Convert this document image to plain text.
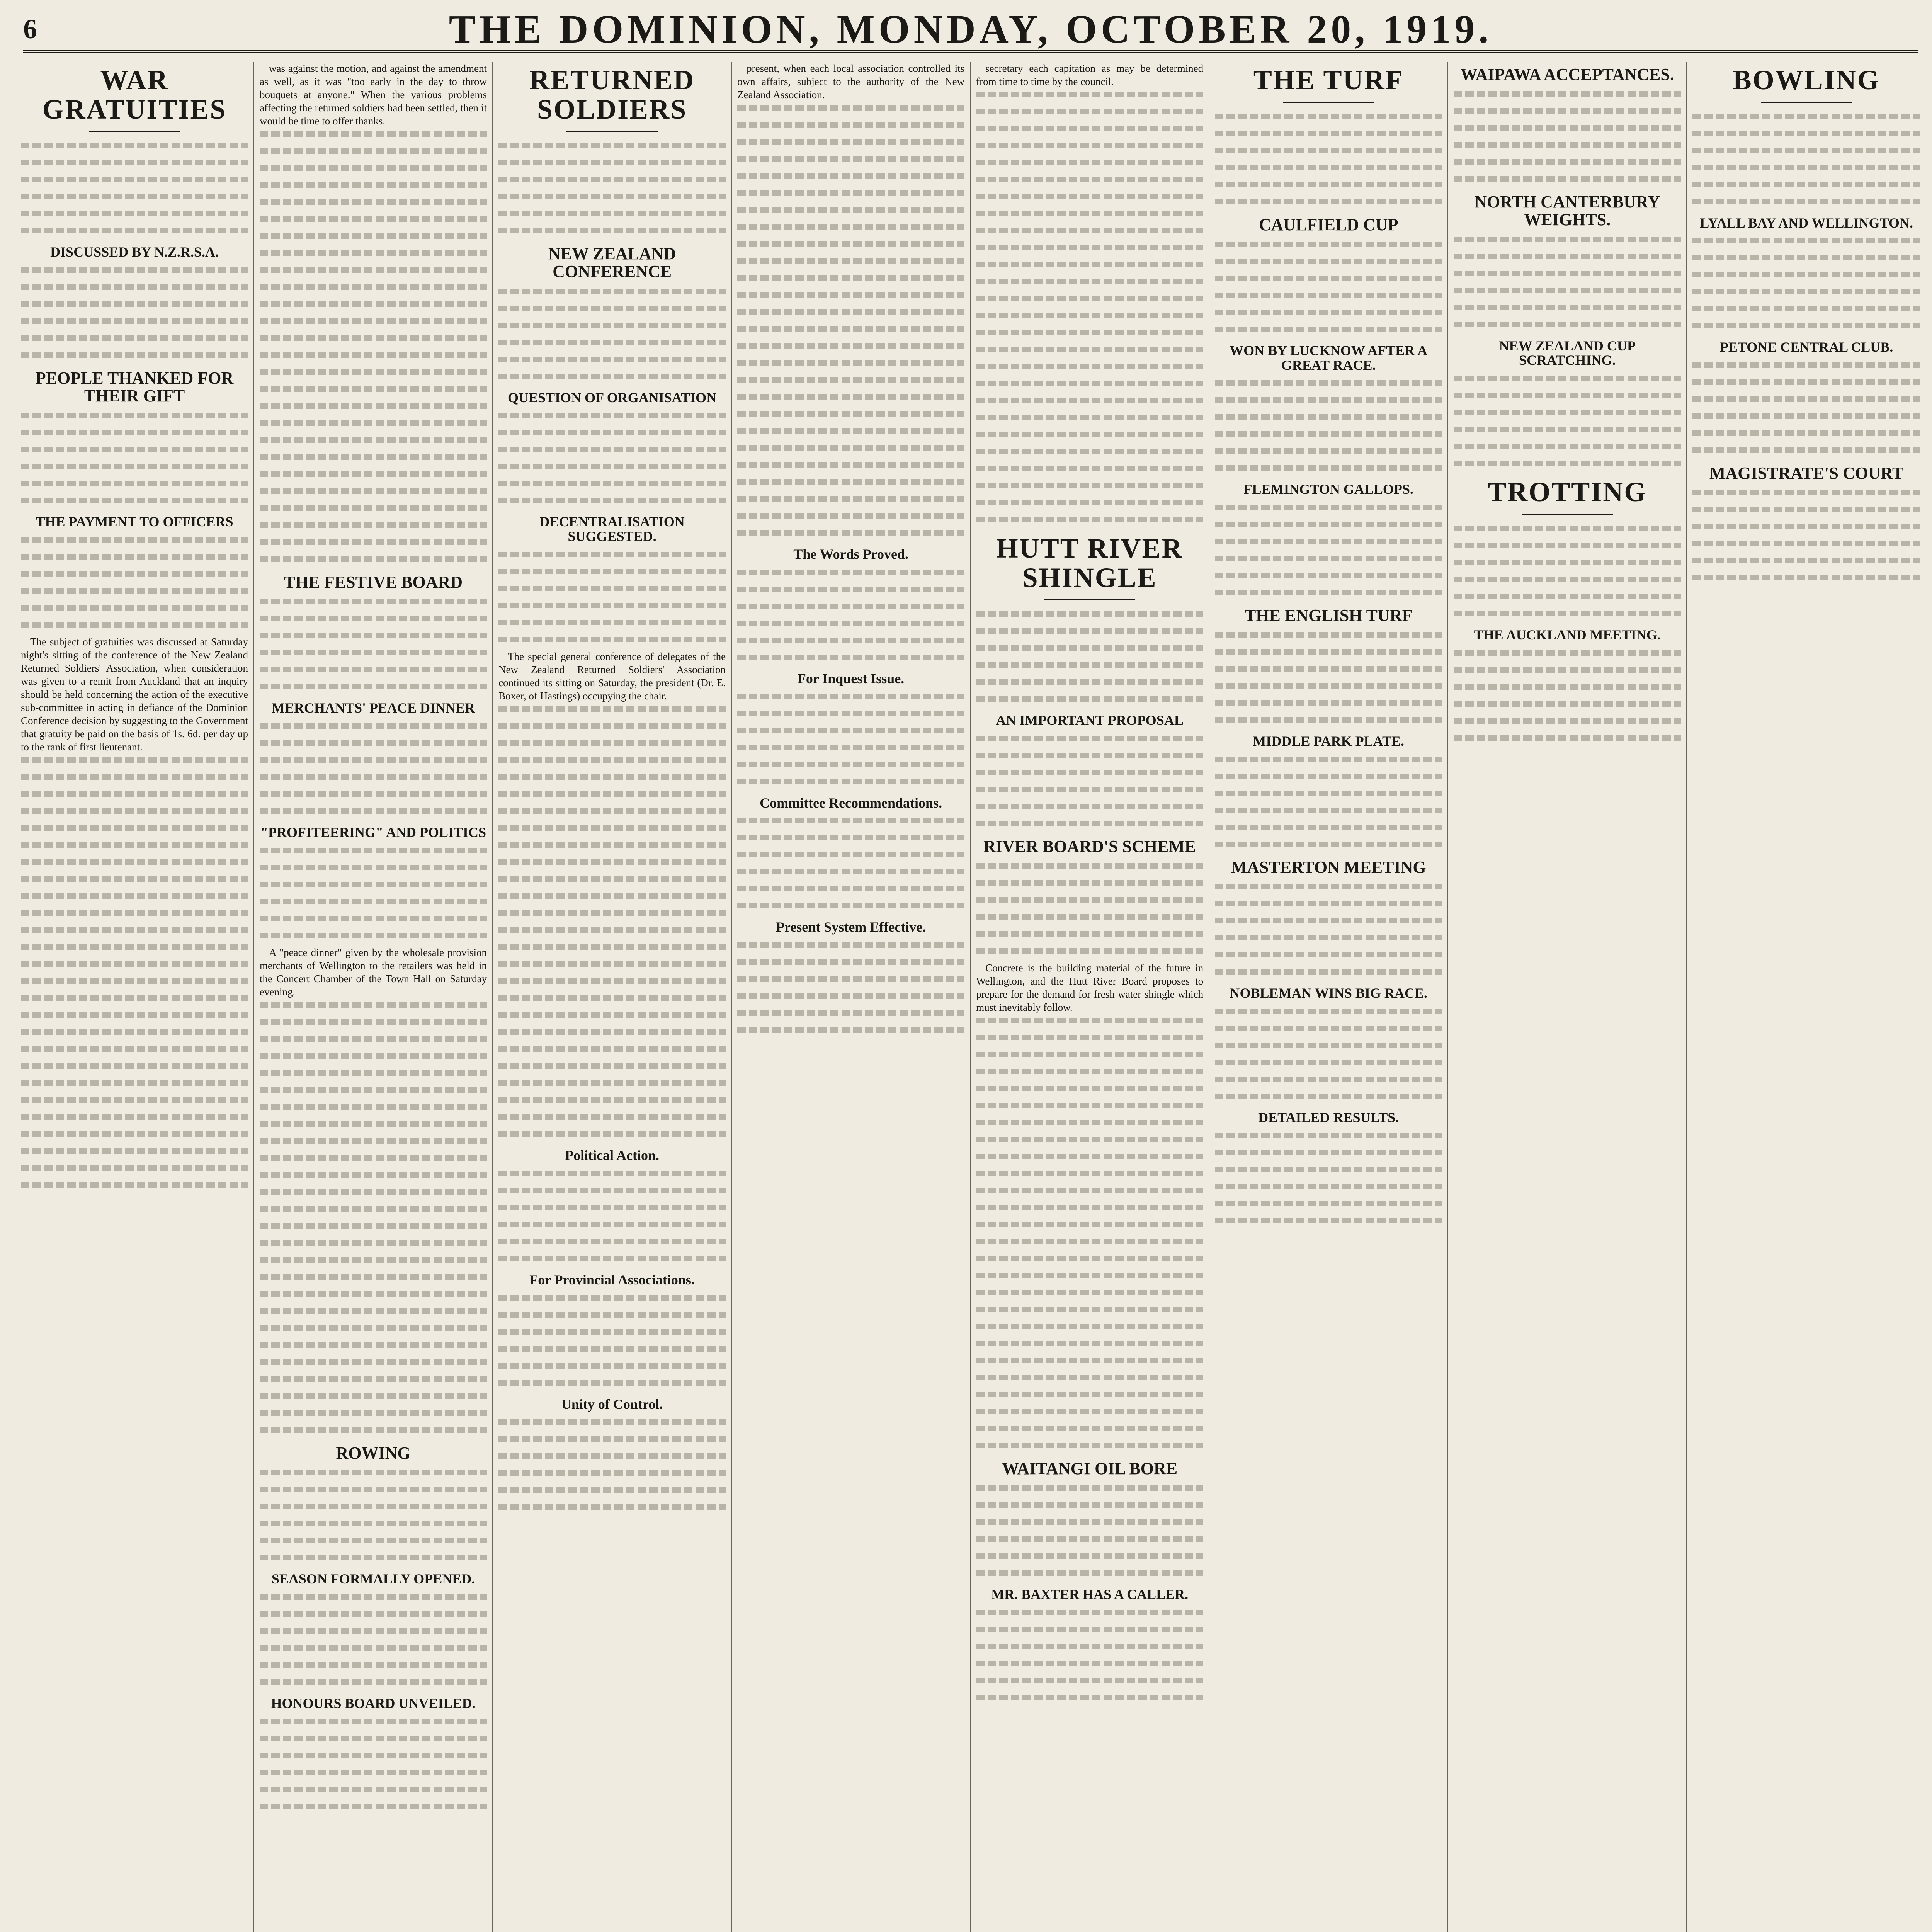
6	THE DOMINION, MONDAY, OCTOBER 20, 1919.
WAR GRATUITIES
DISCUSSED BY N.Z.R.S.A.
PEOPLE THANKED FOR THEIR GIFT
THE PAYMENT TO OFFICERS

The subject of gratuities was discussed at Saturday night's sitting of the conference of the New Zealand Returned Soldiers' Association, when consideration was given to a remit from Auckland that an inquiry should be held concerning the action of the executive sub-committee in acting in defiance of the Dominion Conference decision by suggesting to the Government that gratuity be paid on the basis of 1s. 6d. per day up to the rank of first lieutenant.

was against the motion, and against the amendment as well, as it was "too early in the day to throw bouquets at anyone." When the various problems affecting the returned soldiers had been settled, then it would be time to offer thanks.

THE FESTIVE BOARD
MERCHANTS' PEACE DINNER
"PROFITEERING" AND POLITICS

A "peace dinner" given by the wholesale provision merchants of Wellington to the retailers was held in the Concert Chamber of the Town Hall on Saturday evening.

ROWING
SEASON FORMALLY OPENED.
HONOURS BOARD UNVEILED.
RETURNED SOLDIERS
NEW ZEALAND CONFERENCE
QUESTION OF ORGANISATION
DECENTRALISATION SUGGESTED.

The special general conference of delegates of the New Zealand Returned Soldiers' Association continued its sitting on Saturday, the president (Dr. E. Boxer, of Hastings) occupying the chair.

Political Action.
For Provincial Associations.
Unity of Control.

present, when each local association controlled its own affairs, subject to the authority of the New Zealand Association.

The Words Proved.
For Inquest Issue.
Committee Recommendations.
Present System Effective.

secretary each capitation as may be determined from time to time by the council.

HUTT RIVER SHINGLE
AN IMPORTANT PROPOSAL
RIVER BOARD'S SCHEME

Concrete is the building material of the future in Wellington, and the Hutt River Board proposes to prepare for the demand for fresh water shingle which must inevitably follow.

WAITANGI OIL BORE
MR. BAXTER HAS A CALLER.
THE TURF
CAULFIELD CUP
WON BY LUCKNOW AFTER A GREAT RACE.
FLEMINGTON GALLOPS.
THE ENGLISH TURF
MIDDLE PARK PLATE.
MASTERTON MEETING
NOBLEMAN WINS BIG RACE.
DETAILED RESULTS.
WAIPAWA ACCEPTANCES.
NORTH CANTERBURY WEIGHTS.
NEW ZEALAND CUP SCRATCHING.
TROTTING
THE AUCKLAND MEETING.
BOWLING
LYALL BAY AND WELLINGTON.
PETONE CENTRAL CLUB.
MAGISTRATE'S COURT
